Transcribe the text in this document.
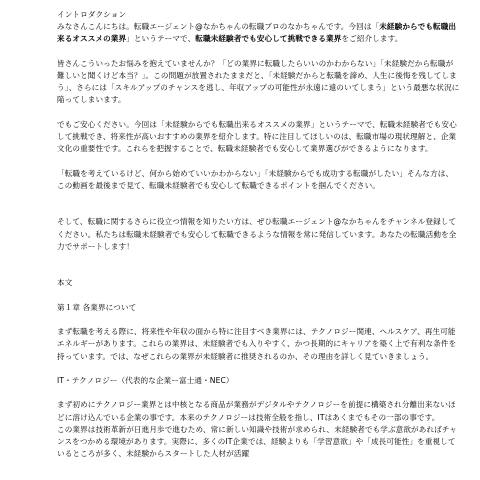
イントロダクション

みなさんこんにちは。転職エージェント@なかちゃんの転職ブロのなかちゃんです。今回は「未経験からでも転職出来るオススメの業界」というテーマで、転職未経験者でも安心して挑戦できる業界をご紹介します。

皆さんこういったお悩みを抱えていませんか？「どの業界に転職したらいいのかわからない」「未経験だから転職が難しいと聞くけど本当？」。この問題が放置されたままだと、「未経験だからと転職を諦め、人生に後悔を残してしまう」、さらには「スキルアップのチャンスを逃し、年収アップの可能性が永遠に遠のいてしまう」という最悪な状況に陥ってしまいます。

でもご安心ください。今回は「未経験からでも転職出来るオススメの業界」というテーマで、転職未経験者でも安心して挑戦でき、将来性が高いおすすめの業界を紹介します。特に注目してほしいのは、転職市場の現状理解と、企業文化の重要性です。これらを把握することで、転職未経験者でも安心して業界選びができるようになります。

「転職を考えているけど、何から始めていいかわからない」「未経験からでも成功する転職がしたい」そんな方は、この動画を最後まで見て、転職未経験者でも安心して転職できるポイントを掴んでください。

そして、転職に関するさらに役立つ情報を知りたい方は、ぜひ転職エージェント@なかちゃんをチャンネル登録してください。私たちは転職未経験者でも安心して転職できるような情報を常に発信しています。あなたの転職活動を全力でサポートします！

本文

第１章 各業界について

まず転職を考える際に、将来性や年収の面から特に注目すべき業界には、テクノロジー関連、ヘルスケア、再生可能エネルギーがあります。これらの業界は、未経験者でも入りやすく、かつ長期的にキャリアを築く上で有利な条件を持っています。では、なぜこれらの業界が未経験者に推奨されるのか、その理由を詳しく見ていきましょう。

IT・テクノロジー（代表的な企業ー富士通・NEC）

まず初めにテクノロジー業界とは中核となる商品が業務がデジタルやテクノロジーを前提に構築され分離出来ないほどに溶け込んでいる企業の事です。本来のテクノロジーは技術全般を指し、ITはあくまでもその一部の事です。

この業界は技術革新が日進月歩で進むため、常に新しい知識や技術が求められ、未経験者でも学ぶ意欲があればチャンスをつかめる環境があります。実際に、多くのIT企業では、経験よりも「学習意欲」や「成長可能性」を重視しているところが多く、未経験からスタートした人材が活躍
